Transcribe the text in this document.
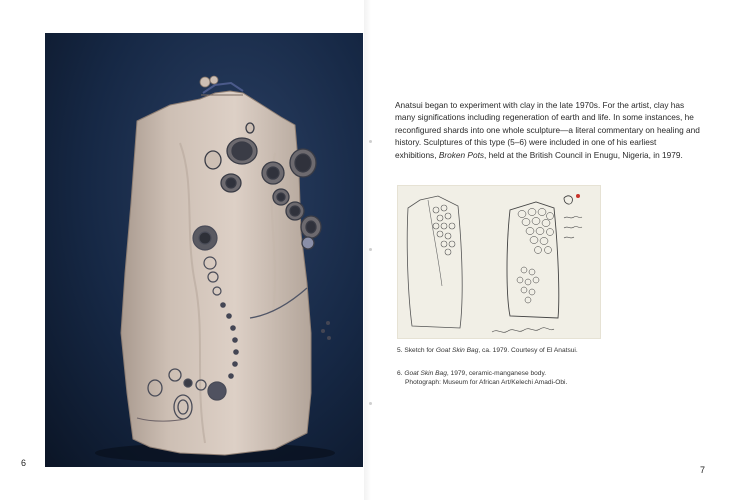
6

Anatsui began to experiment with clay in the late 1970s. For the artist, clay has many significations including regeneration of earth and life. In some instances, he reconfigured shards into one whole sculpture—a literal commentary on healing and history. Sculptures of this type (5–6) were included in one of his earliest exhibitions, Broken Pots, held at the British Council in Enugu, Nigeria, in 1979.

5. Sketch for Goat Skin Bag, ca. 1979. Courtesy of El Anatsui.

6. Goat Skin Bag, 1979, ceramic-manganese body.
Photograph: Museum for African Art/Kelechi Amadi-Obi.

7
